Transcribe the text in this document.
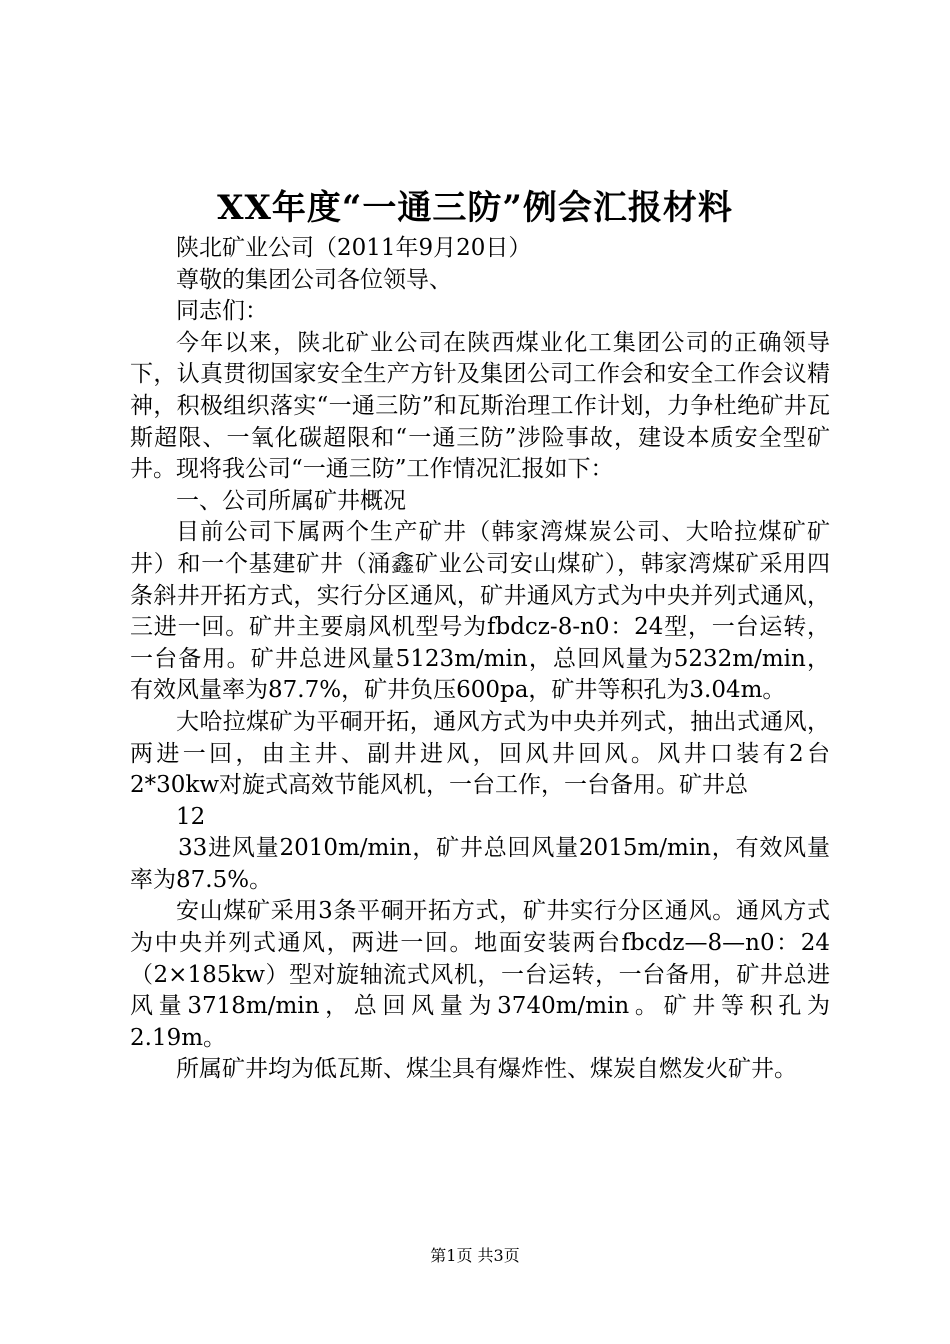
XX年度“一通三防”例会汇报材料

陕北矿业公司（2011年9月20日）

尊敬的集团公司各位领导、

同志们：

今年以来，陕北矿业公司在陕西煤业化工集团公司的正确领导下，认真贯彻国家安全生产方针及集团公司工作会和安全工作会议精神，积极组织落实“一通三防”和瓦斯治理工作计划，力争杜绝矿井瓦斯超限、一氧化碳超限和“一通三防”涉险事故，建设本质安全型矿井。现将我公司“一通三防”工作情况汇报如下：

一、公司所属矿井概况

目前公司下属两个生产矿井（韩家湾煤炭公司、大哈拉煤矿矿井）和一个基建矿井（涌鑫矿业公司安山煤矿），韩家湾煤矿采用四条斜井开拓方式，实行分区通风，矿井通风方式为中央并列式通风，三进一回。矿井主要扇风机型号为fbdcz-8-n0：24型，一台运转，一台备用。矿井总进风量5123m/min，总回风量为5232m/min，有效风量率为87.7%，矿井负压600pa，矿井等积孔为3.04m。

大哈拉煤矿为平硐开拓，通风方式为中央并列式，抽出式通风，两进一回，由主井、副井进风，回风井回风。风井口装有2台2*30kw对旋式高效节能风机，一台工作，一台备用。矿井总

12

33进风量2010m/min，矿井总回风量2015m/min，有效风量率为87.5%。

安山煤矿采用3条平硐开拓方式，矿井实行分区通风。通风方式为中央并列式通风，两进一回。地面安装两台fbcdz—8—n0：24（2×185kw）型对旋轴流式风机，一台运转，一台备用，矿井总进风量3718m/min，总回风量为3740m/min。矿井等积孔为2.19m。

所属矿井均为低瓦斯、煤尘具有爆炸性、煤炭自燃发火矿井。

第1页 共3页
